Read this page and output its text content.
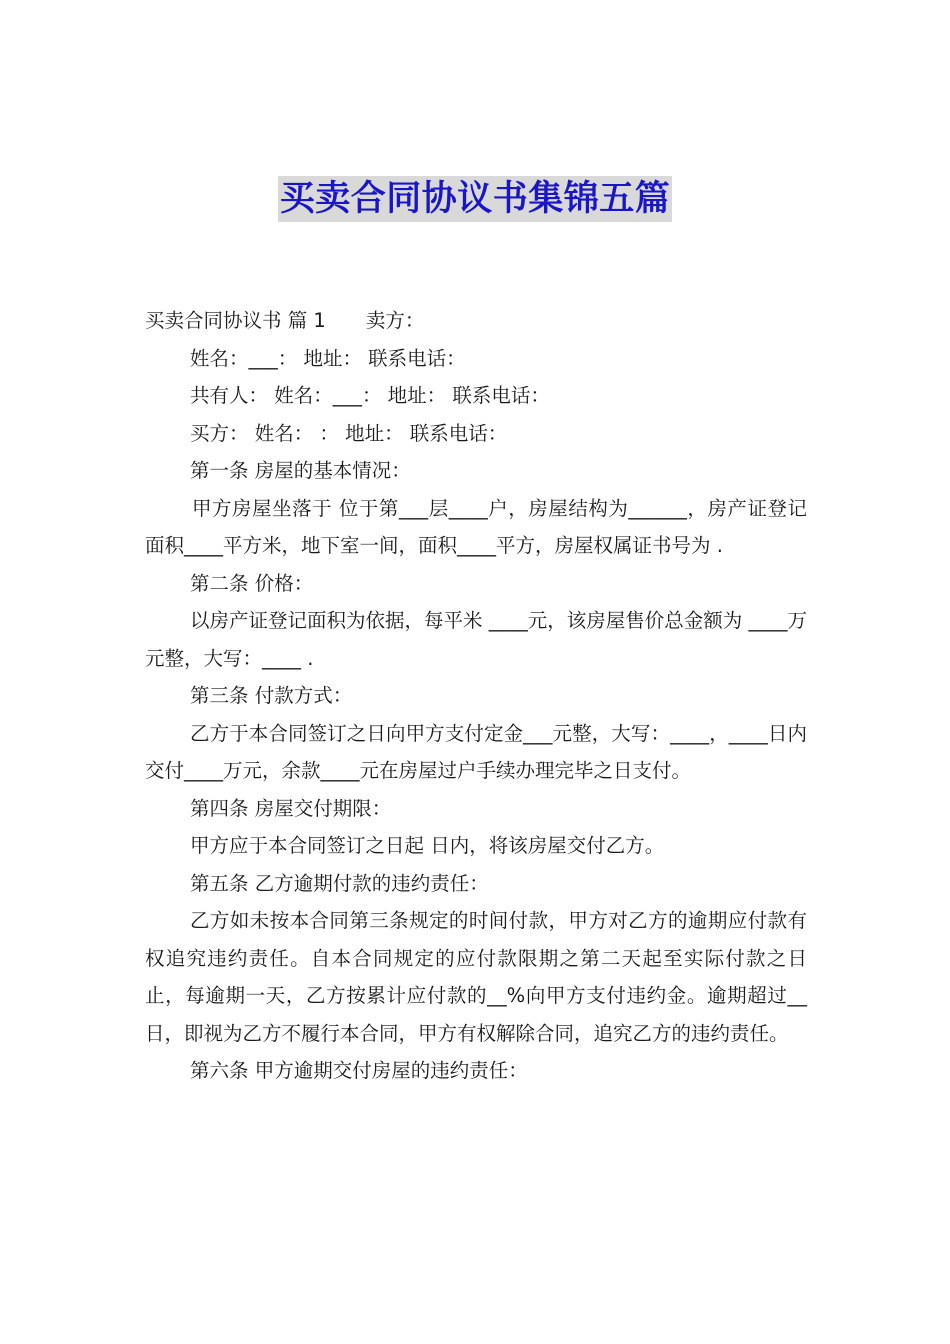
买卖合同协议书集锦五篇

买卖合同协议书 篇 1 卖方：

姓名：___： 地址： 联系电话：

共有人： 姓名：___： 地址： 联系电话：

买方： 姓名： ： 地址： 联系电话：

第一条 房屋的基本情况：

甲方房屋坐落于 位于第___层____户，房屋结构为______，房产证登记面积____平方米，地下室一间，面积____平方，房屋权属证书号为 .

第二条 价格：

以房产证登记面积为依据，每平米 ____元，该房屋售价总金额为 ____万元整，大写：____ .

第三条 付款方式：

乙方于本合同签订之日向甲方支付定金___元整，大写：____，____日内交付____万元，余款____元在房屋过户手续办理完毕之日支付。

第四条 房屋交付期限：

甲方应于本合同签订之日起 日内，将该房屋交付乙方。

第五条 乙方逾期付款的违约责任：

乙方如未按本合同第三条规定的时间付款，甲方对乙方的逾期应付款有权追究违约责任。自本合同规定的应付款限期之第二天起至实际付款之日止，每逾期一天，乙方按累计应付款的__%向甲方支付违约金。逾期超过__日，即视为乙方不履行本合同，甲方有权解除合同，追究乙方的违约责任。

第六条 甲方逾期交付房屋的违约责任：
